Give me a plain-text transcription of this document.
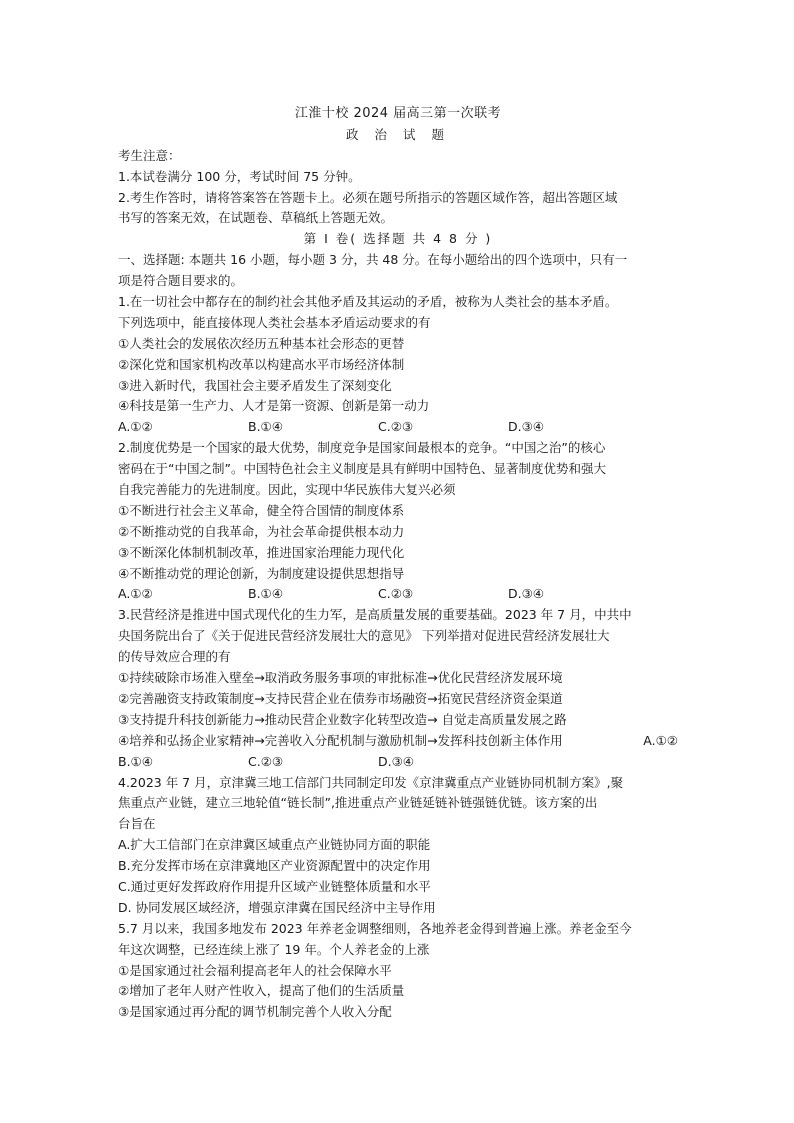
江淮十校 2024 届高三第一次联考
政 治 试 题
考生注意：
1.本试卷满分 100 分，考试时间 75 分钟。
2.考生作答时，请将答案答在答题卡上。必须在题号所指示的答题区域作答，超出答题区域
书写的答案无效，在试题卷、草稿纸上答题无效。
第 Ⅰ 卷( 选择题 共 4 8 分 )
一、选择题: 本题共 16 小题，每小题 3 分，共 48 分。在每小题给出的四个选项中，只有一
项是符合题目要求的。
1.在一切社会中都存在的制约社会其他矛盾及其运动的矛盾，被称为人类社会的基本矛盾。
下列选项中，能直接体现人类社会基本矛盾运动要求的有
①人类社会的发展依次经历五种基本社会形态的更替
②深化党和国家机构改革以构建高水平市场经济体制
③进入新时代，我国社会主要矛盾发生了深刻变化
④科技是第一生产力、人才是第一资源、创新是第一动力
A.①②	B.①④	C.②③	D.③④
2.制度优势是一个国家的最大优势，制度竞争是国家间最根本的竞争。“中国之治”的核心
密码在于“中国之制”。中国特色社会主义制度是具有鲜明中国特色、显著制度优势和强大
自我完善能力的先进制度。因此，实现中华民族伟大复兴必须
①不断进行社会主义革命，健全符合国情的制度体系
②不断推动党的自我革命，为社会革命提供根本动力
③不断深化体制机制改革，推进国家治理能力现代化
④不断推动党的理论创新，为制度建设提供思想指导
A.①②	B.①④	C.②③	D.③④
3.民营经济是推进中国式现代化的生力军，是高质量发展的重要基础。2023 年 7 月，中共中
央国务院出台了《关于促进民营经济发展壮大的意见》 下列举措对促进民营经济发展壮大
的传导效应合理的有
①持续破除市场准入壁垒→取消政务服务事项的审批标准→优化民营经济发展环境
②完善融资支持政策制度→支持民营企业在债券市场融资→拓宽民营经济资金渠道
③支持提升科技创新能力→推动民营企业数字化转型改造→ 自觉走高质量发展之路
④培养和弘扬企业家精神→完善收入分配机制与激励机制→发挥科技创新主体作用	A.①②
B.①④	C.②③	D.③④
4.2023 年 7 月，京津冀三地工信部门共同制定印发《京津冀重点产业链协同机制方案》,聚
焦重点产业链，建立三地轮值“链长制”,推进重点产业链延链补链强链优链。该方案的出
台旨在
A.扩大工信部门在京津冀区域重点产业链协同方面的职能
B.充分发挥市场在京津冀地区产业资源配置中的决定作用
C.通过更好发挥政府作用提升区域产业链整体质量和水平
D. 协同发展区域经济，增强京津冀在国民经济中主导作用
5.7 月以来，我国多地发布 2023 年养老金调整细则，各地养老金得到普遍上涨。养老金至今
年这次调整，已经连续上涨了 19 年。个人养老金的上涨
①是国家通过社会福利提高老年人的社会保障水平
②增加了老年人财产性收入，提高了他们的生活质量
③是国家通过再分配的调节机制完善个人收入分配
